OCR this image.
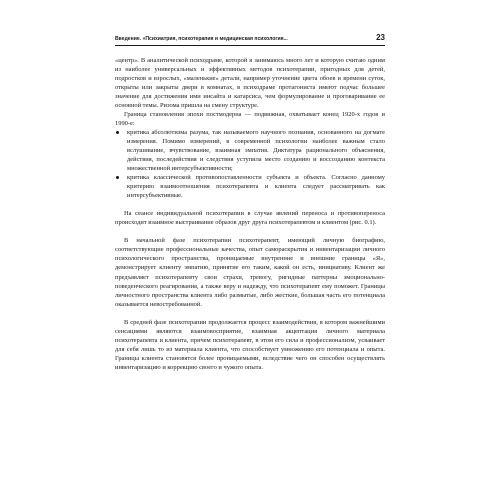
Введение. «Психиатрия, психотерапия и медицинская психология...	23

«центр». В аналитической психодраме, которой я занимаюсь много лет и которую считаю одним из наиболее универсальных и эффективных методов психотерапии, пригодных для детей, подростков и взрослых, «маленькие» детали, например уточнение цвета обоев и времени суток, открыты или закрыты двери в комнатах, в психодраме протагониста имеют подчас большее значение для достижения ими инсайта и катарсиса, чем формулирование и проговаривание ее основной темы. Ризома пришла на смену структуре.

Граница становления эпохи постмодерна — подвижная, охватывает конец 1920-х годов и 1990-е:

критика абсолютизма разума, так называемого научного познания, основанного на догмате измерения. Помимо измерений, в современной психологии наиболее важным стало вслушивание, вчувствование, взаимная эмпатия. Диктатура рационального объяснения, действия, последействия и следствия уступила место созданию и воссозданию контекста множественной интерсубъективности;
критика классической противопоставленности субъекта и объекта. Согласно данному критерию взаимоотношения психотерапевта и клиента следует рассматривать как интерсубъективные.

На сеансе индивидуальной психотерапии в случае явлений переноса и противопереноса происходит взаимное выстраивание образов друг друга психотерапевтом и клиентом (рис. 0.1).

В начальной фазе психотерапии психотерапевт, имеющий личную биографию, соответствующие профессиональные качества, опыт самораскрытия и инвентаризации личного психологического пространства, проницаемые внутренние и внешние границы «Я», демонстрирует клиенту эмпатию, принятие его таким, какой он есть, инициативу. Клиент же предъявляет психотерапевту свои страхи, тревогу, ригидные паттерны эмоционально-поведенческого реагирования, а также веру и надежду, что психотерапевт ему поможет. Границы личностного пространства клиента либо размытые, либо жесткие, большая часть его потенциала оказывается невостребованной.

В средней фазе психотерапии продолжается процесс взаимодействия, в котором важнейшими сенсациями являются взаимовосприятие, взаимная акцептация личного материала психотерапевта и клиента, причем психотерапевт, в этом его сила и профессионализм, усваивает для себя лишь то из материала клиента, что способствует умножению его потенциала и опыта. Границы клиента становятся более проницаемыми, вследствие чего он способен осуществлять инвентаризацию и коррекцию своего и чужого опыта.
